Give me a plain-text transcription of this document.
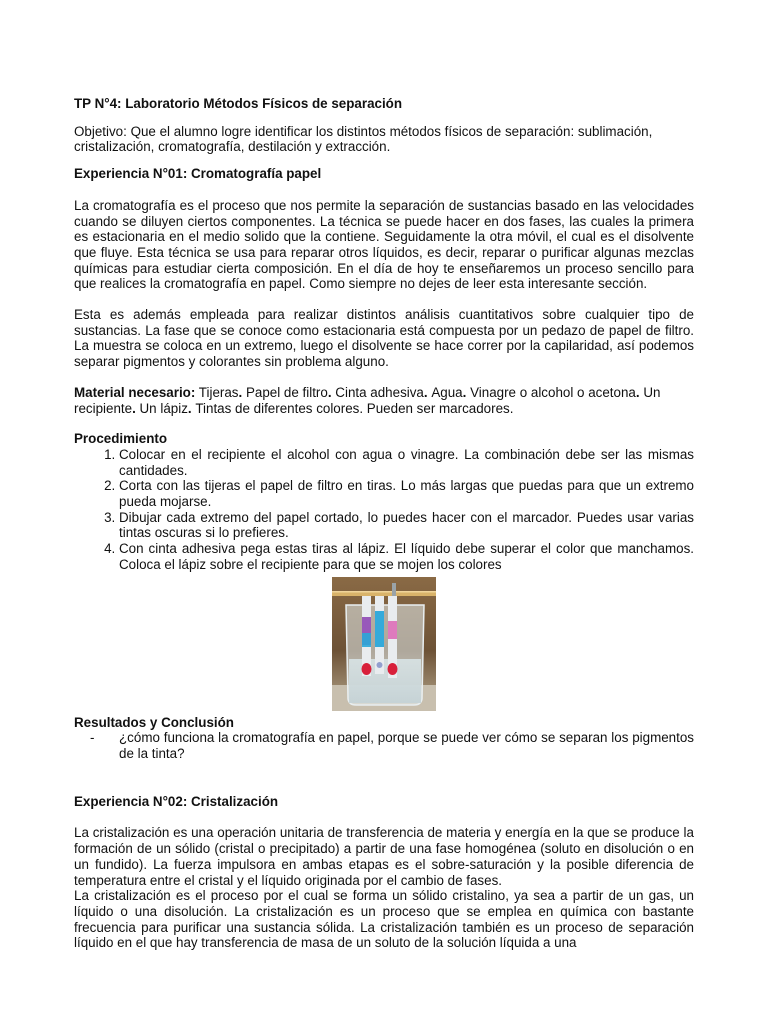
TP N°4: Laboratorio Métodos Físicos de separación

Objetivo: Que el alumno logre identificar los distintos métodos físicos de separación: sublimación, cristalización, cromatografía, destilación y extracción.

Experiencia N°01: Cromatografía papel

La cromatografía es el proceso que nos permite la separación de sustancias basado en las velocidades cuando se diluyen ciertos componentes. La técnica se puede hacer en dos fases, las cuales la primera es estacionaria en el medio solido que la contiene. Seguidamente la otra móvil, el cual es el disolvente que fluye. Esta técnica se usa para reparar otros líquidos, es decir, reparar o purificar algunas mezclas químicas para estudiar cierta composición. En el día de hoy te enseñaremos un proceso sencillo para que realices la cromatografía en papel. Como siempre no dejes de leer esta interesante sección.

Esta es además empleada para realizar distintos análisis cuantitativos sobre cualquier tipo de sustancias. La fase que se conoce como estacionaria está compuesta por un pedazo de papel de filtro. La muestra se coloca en un extremo, luego el disolvente se hace correr por la capilaridad, así podemos separar pigmentos y colorantes sin problema alguno.

Material necesario: Tijeras. Papel de filtro. Cinta adhesiva. Agua. Vinagre o alcohol o acetona. Un recipiente. Un lápiz. Tintas de diferentes colores. Pueden ser marcadores.

Procedimiento

1. Colocar en el recipiente el alcohol con agua o vinagre. La combinación debe ser las mismas cantidades.
2. Corta con las tijeras el papel de filtro en tiras. Lo más largas que puedas para que un extremo pueda mojarse.
3. Dibujar cada extremo del papel cortado, lo puedes hacer con el marcador. Puedes usar varias tintas oscuras si lo prefieres.
4. Con cinta adhesiva pega estas tiras al lápiz. El líquido debe superar el color que manchamos. Coloca el lápiz sobre el recipiente para que se mojen los colores

Resultados y Conclusión

- ¿cómo funciona la cromatografía en papel, porque se puede ver cómo se separan los pigmentos de la tinta?

Experiencia N°02: Cristalización

La cristalización es una operación unitaria de transferencia de materia y energía en la que se produce la formación de un sólido (cristal o precipitado) a partir de una fase homogénea (soluto en disolución o en un fundido). La fuerza impulsora en ambas etapas es el sobre-saturación y la posible diferencia de temperatura entre el cristal y el líquido originada por el cambio de fases.

La cristalización es el proceso por el cual se forma un sólido cristalino, ya sea a partir de un gas, un líquido o una disolución. La cristalización es un proceso que se emplea en química con bastante frecuencia para purificar una sustancia sólida. La cristalización también es un proceso de separación líquido en el que hay transferencia de masa de un soluto de la solución líquida a una
